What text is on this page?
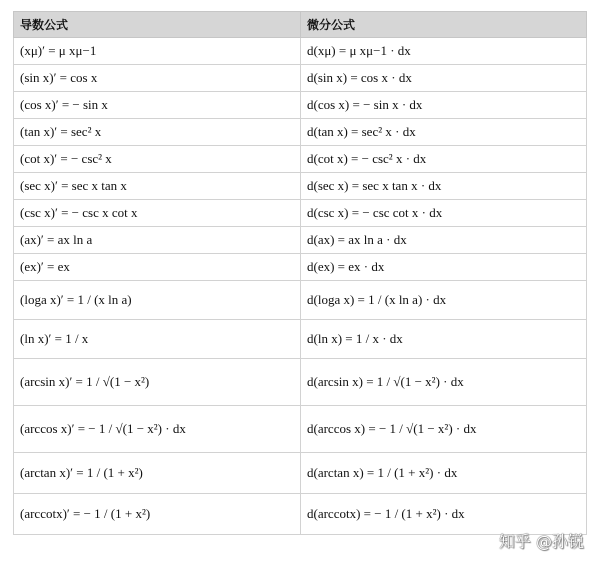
导数公式	微分公式
(xμ)′ = μ xμ−1	d(xμ) = μ xμ−1 · dx
(sin x)′ = cos x	d(sin x) = cos x · dx
(cos x)′ = − sin x	d(cos x) = − sin x · dx
(tan x)′ = sec² x	d(tan x) = sec² x · dx
(cot x)′ = − csc² x	d(cot x) = − csc² x · dx
(sec x)′ = sec x tan x	d(sec x) = sec x tan x · dx
(csc x)′ = − csc x cot x	d(csc x) = − csc cot x · dx
(ax)′ = ax ln a	d(ax) = ax ln a · dx
(ex)′ = ex	d(ex) = ex · dx
(loga x)′ = 1 / (x ln a)	d(loga x) = 1 / (x ln a) · dx
(ln x)′ = 1 / x	d(ln x) = 1 / x · dx
(arcsin x)′ = 1 / √(1 − x²)	d(arcsin x) = 1 / √(1 − x²) · dx
(arccos x)′ = − 1 / √(1 − x²) · dx	d(arccos x) = − 1 / √(1 − x²) · dx
(arctan x)′ = 1 / (1 + x²)	d(arctan x) = 1 / (1 + x²) · dx
(arccotx)′ = − 1 / (1 + x²)	d(arccotx) = − 1 / (1 + x²) · dx
知乎 @孙锐
